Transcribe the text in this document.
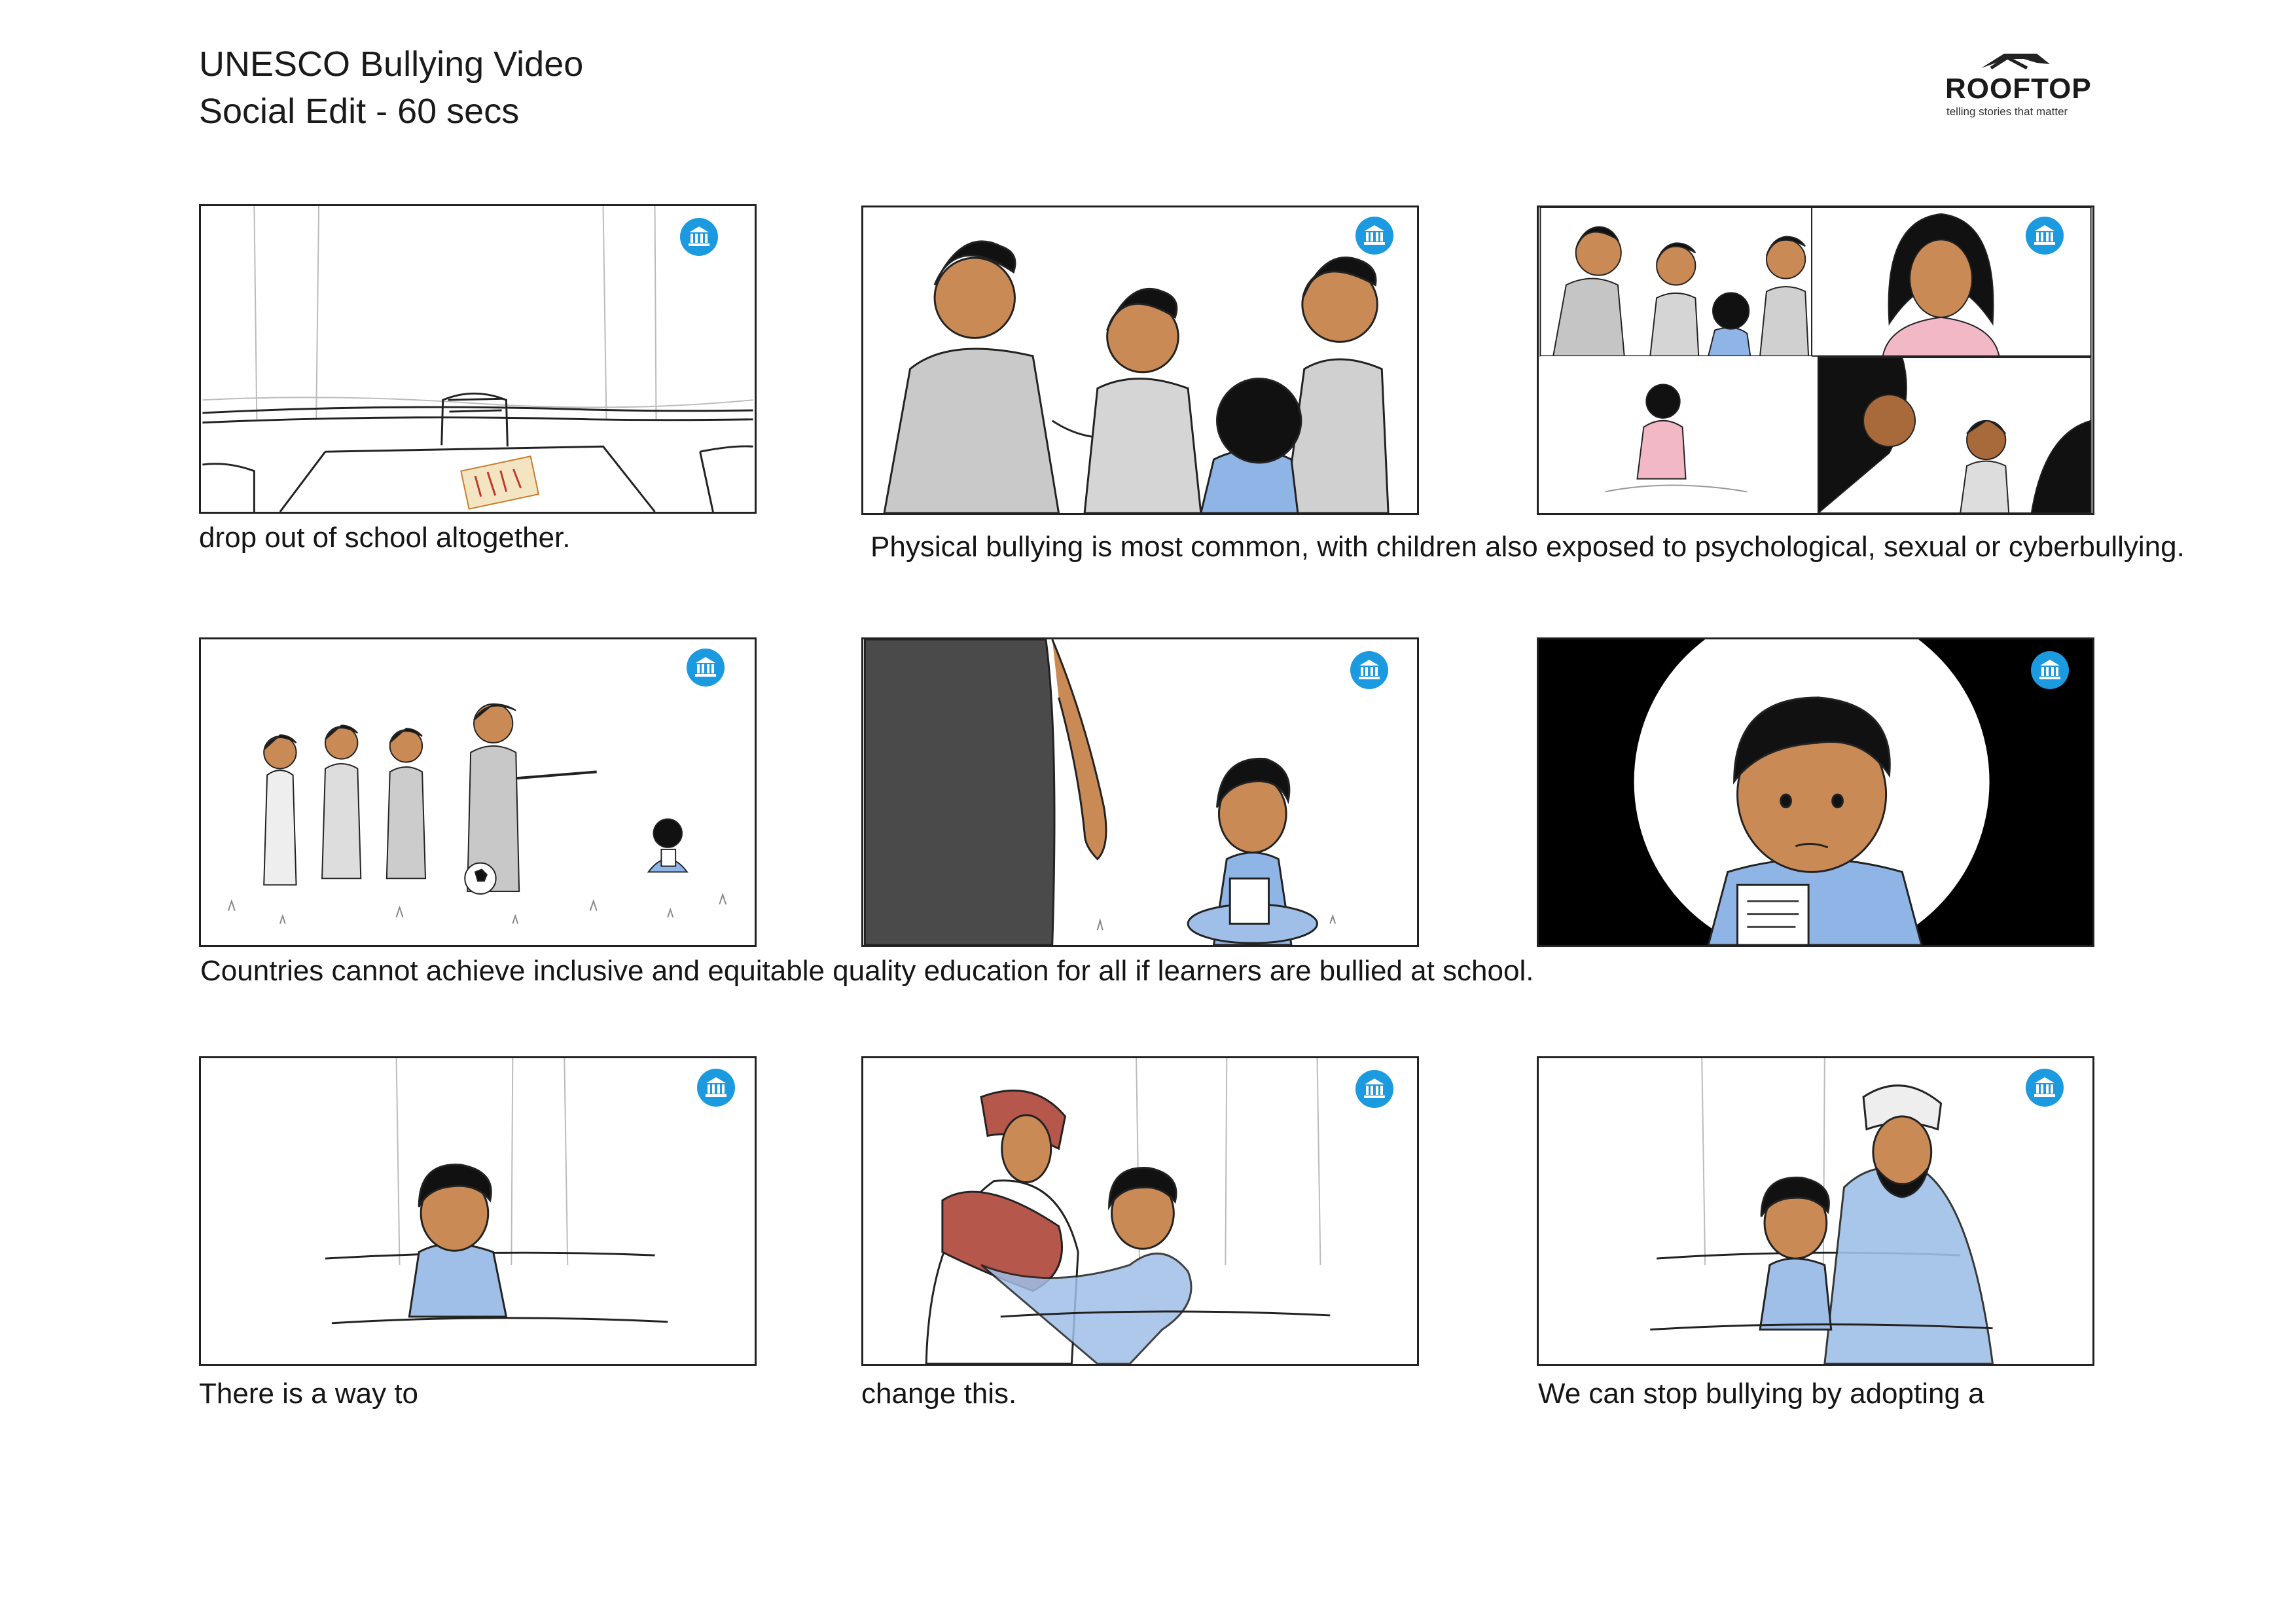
UNESCO Bullying Video
Social Edit - 60 secs
ROOFTOP
telling stories that matter
drop out of school altogether.	Physical bullying is most common, with children also exposed to psychological, sexual or cyberbullying.
Countries cannot achieve inclusive and equitable quality education for all if learners are bullied at school.
There is a way to	change this.	We can stop bullying by adopting a
